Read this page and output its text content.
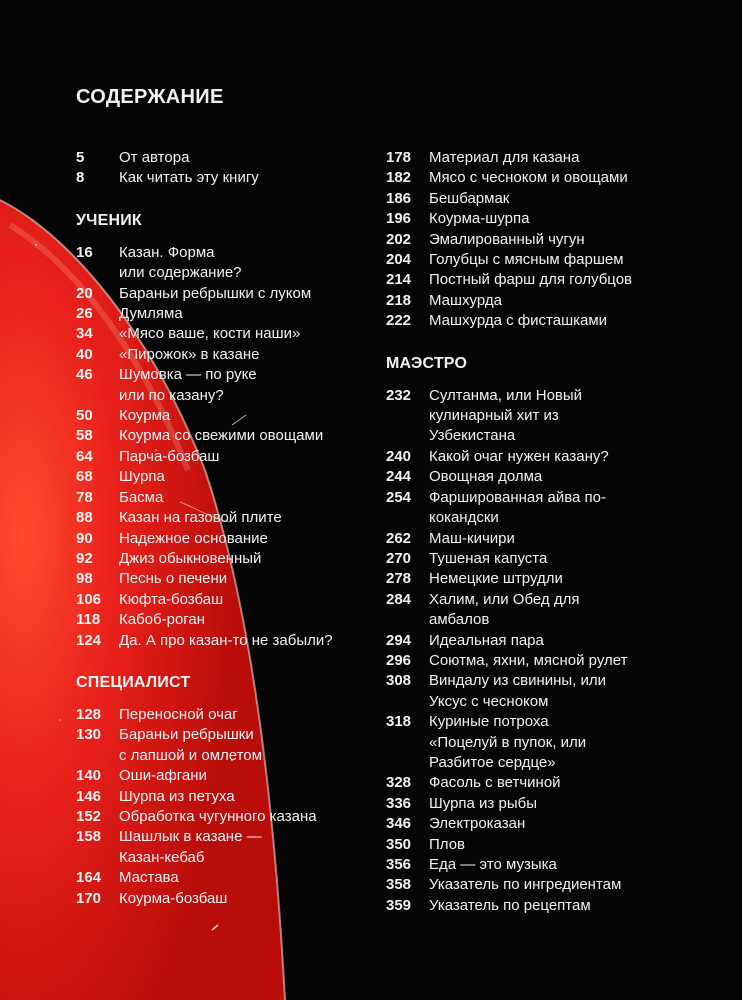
СОДЕРЖАНИЕ
5	От автора
8	Как читать эту книгу
УЧЕНИК
16	Казан. Форма
или содержание?
20	Бараньи ребрышки с луком
26	Думляма
34	«Мясо ваше, кости наши»
40	«Пирожок» в казане
46	Шумовка — по руке
или по казану?
50	Коурма
58	Коурма со свежими овощами
64	Парча-бозбаш
68	Шурпа
78	Басма
88	Казан на газовой плите
90	Надежное основание
92	Джиз обыкновенный
98	Песнь о печени
106	Кюфта-бозбаш
118	Кабоб-роган
124	Да. А про казан-то не забыли?
СПЕЦИАЛИСТ
128	Переносной очаг
130	Бараньи ребрышки
с лапшой и омлетом
140	Оши-афгани
146	Шурпа из петуха
152	Обработка чугунного казана
158	Шашлык в казане —
Казан-кебаб
164	Мастава
170	Коурма-бозбаш
178	Материал для казана
182	Мясо с чесноком и овощами
186	Бешбармак
196	Коурма-шурпа
202	Эмалированный чугун
204	Голубцы с мясным фаршем
214	Постный фарш для голубцов
218	Машхурда
222	Машхурда с фисташками
МАЭСТРО
232	Султанма, или Новый
кулинарный хит из
Узбекистана
240	Какой очаг нужен казану?
244	Овощная долма
254	Фаршированная айва по-
кокандски
262	Маш-кичири
270	Тушеная капуста
278	Немецкие штрудли
284	Халим, или Обед для
амбалов
294	Идеальная пара
296	Соютма, яхни, мясной рулет
308	Виндалу из свинины, или
Уксус с чесноком
318	Куриные потроха
«Поцелуй в пупок, или
Разбитое сердце»
328	Фасоль с ветчиной
336	Шурпа из рыбы
346	Электроказан
350	Плов
356	Еда — это музыка
358	Указатель по ингредиентам
359	Указатель по рецептам
